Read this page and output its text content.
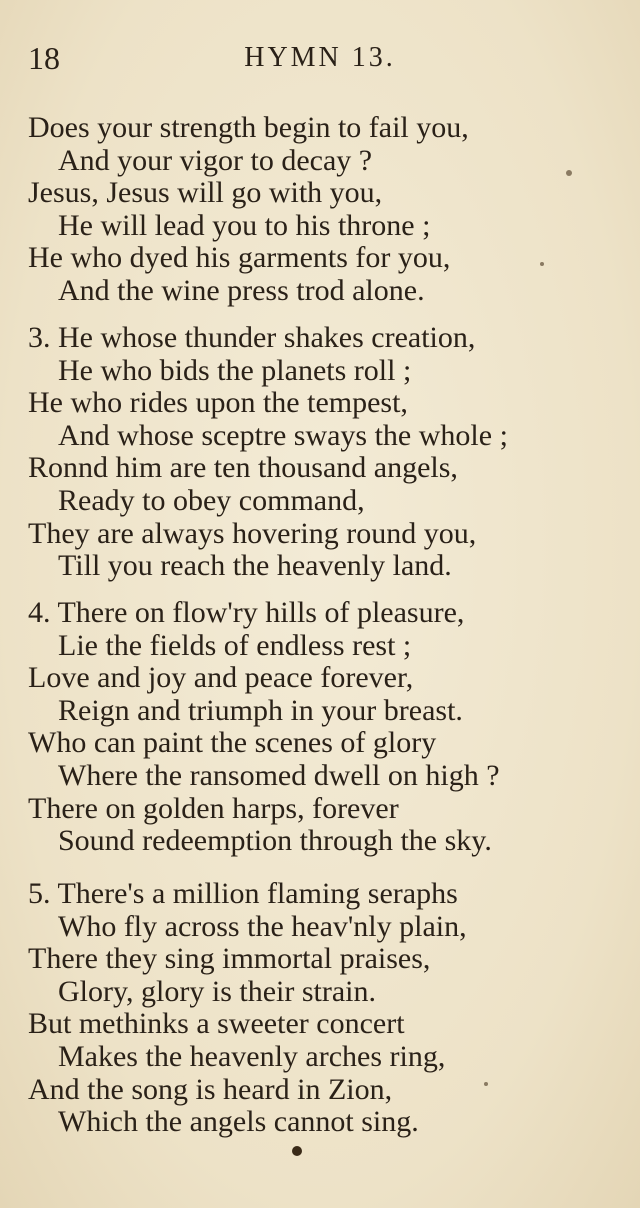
18	HYMN 13.
Does your strength begin to fail you,
And your vigor to decay ?
Jesus, Jesus will go with you,
He will lead you to his throne ;
He who dyed his garments for you,
And the wine press trod alone.
3. He whose thunder shakes creation,
He who bids the planets roll ;
He who rides upon the tempest,
And whose sceptre sways the whole ;
Ronnd him are ten thousand angels,
Ready to obey command,
They are always hovering round you,
Till you reach the heavenly land.
4. There on flow'ry hills of pleasure,
Lie the fields of endless rest ;
Love and joy and peace forever,
Reign and triumph in your breast.
Who can paint the scenes of glory
Where the ransomed dwell on high ?
There on golden harps, forever
Sound redeemption through the sky.
5. There's a million flaming seraphs
Who fly across the heav'nly plain,
There they sing immortal praises,
Glory, glory is their strain.
But methinks a sweeter concert
Makes the heavenly arches ring,
And the song is heard in Zion,
Which the angels cannot sing.
